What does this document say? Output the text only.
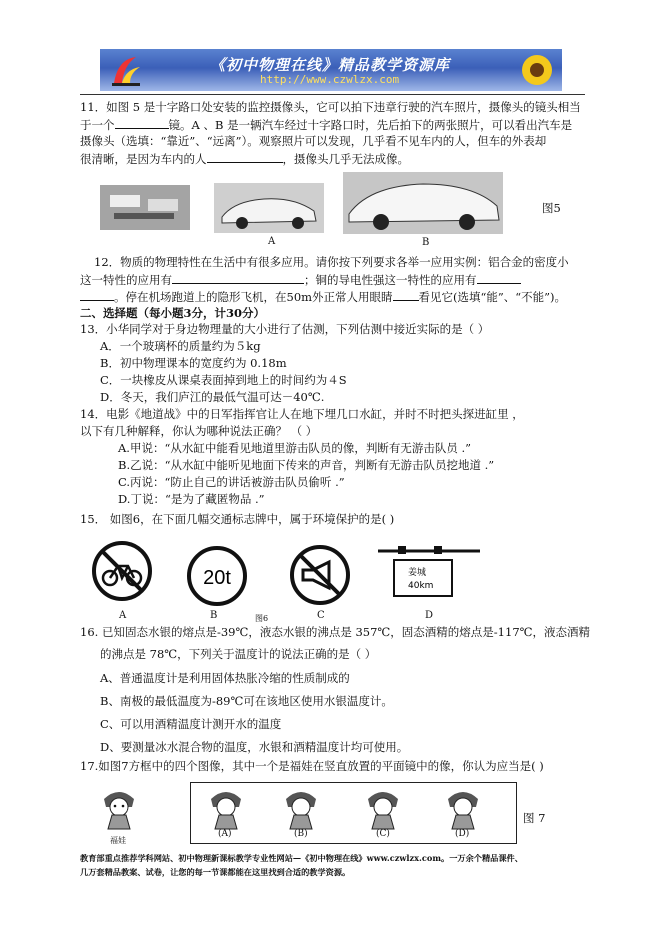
《初中物理在线》精品教学资源库
http://www.czwlzx.com
11．如图 5 是十字路口处安装的监控摄像头，它可以拍下违章行驶的汽车照片，摄像头的镜头相当
于一个	镜。A 、B 是一辆汽车经过十字路口时，先后拍下的两张照片，可以看出汽车是
摄像头（选填：“靠近”、“远离”）。观察照片可以发现，几乎看不见车内的人，但车的外表却
很清晰，是因为车内的人	，摄像头几乎无法成像。
A	B
图5
12．物质的物理特性在生活中有很多应用。请你按下列要求各举一应用实例：铝合金的密度小
这一特性的应用有	；铜的导电性强这一特性的应用有
。停在机场跑道上的隐形飞机，在50m外正常人用眼睛 看见它(选填“能”、“不能”)。
二、选择题（每小题3分，计30分）
13．小华同学对于身边物理量的大小进行了估测，下列估测中接近实际的是（ ）
A．一个玻璃杯的质量约为５kg
B．初中物理课本的宽度约为 0.18m
C．一块橡皮从课桌表面掉到地上的时间约为４S
D．冬天，我们庐江的最低气温可达－40℃.
14．电影《地道战》中的日军指挥官让人在地下埋几口水缸，并时不时把头探进缸里 ，
以下有几种解释，你认为哪种说法正确？ （ ）
A.甲说：“从水缸中能看见地道里游击队员的像，判断有无游击队员 .”
B.乙说：“从水缸中能听见地面下传来的声音，判断有无游击队员挖地道 .”
C.丙说：“防止自己的讲话被游击队员偷听 .”
D.丁说：“是为了藏匿物品 .”
15． 如图6，在下面几幅交通标志牌中，属于环境保护的是( )
20t	姜城
40km
A	B	图6	C	D
16. 已知固态水银的熔点是-39℃，液态水银的沸点是 357℃，固态酒精的熔点是-117℃，液态酒精
的沸点是 78℃，下列关于温度计的说法正确的是（ ）
A、普通温度计是利用固体热胀冷缩的性质制成的
B、南极的最低温度为-89℃可在该地区使用水银温度计。
C、可以用酒精温度计测开水的温度
D、要测量冰水混合物的温度，水银和酒精温度计均可使用。
17.如图7方框中的四个图像，其中一个是福娃在竖直放置的平面镜中的像，你认为应当是( )
福娃
(A)	(B)	(C)	(D)
图 7
教育部重点推荐学科网站、初中物理新课标教学专业性网站—《初中物理在线》www.czwlzx.com。一万余个精品课件、
几万套精品教案、试卷，让您的每一节课都能在这里找到合适的教学资源。
